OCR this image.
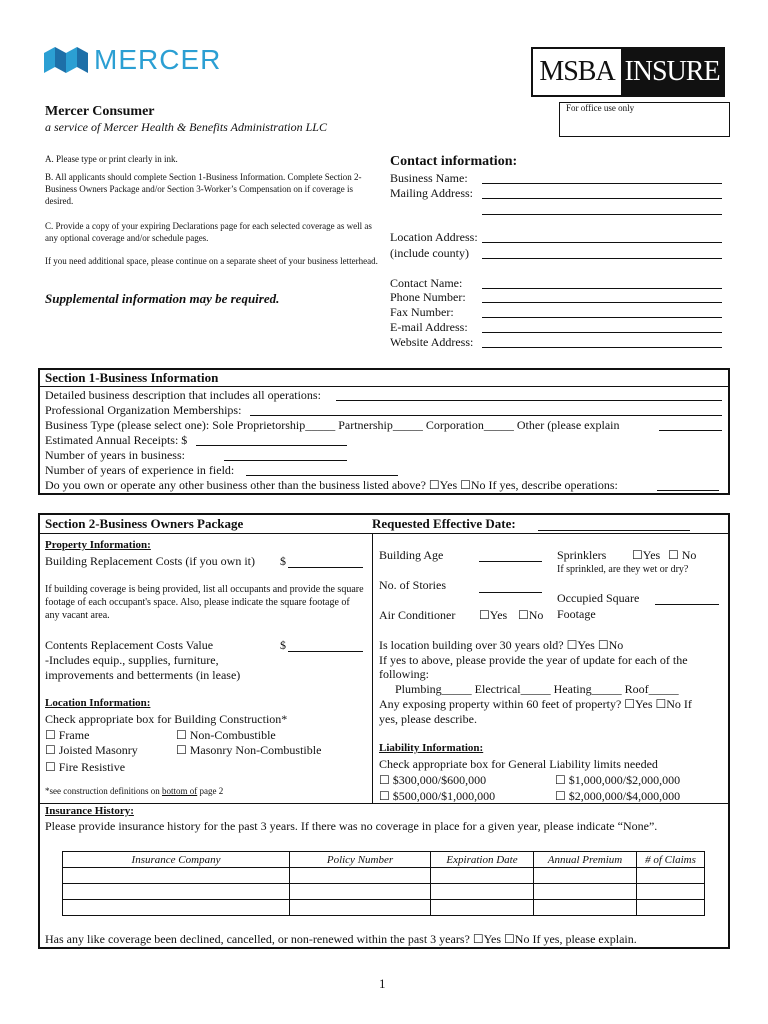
MERCER	MSBA INSURE
For office use only
Mercer Consumer
a service of Mercer Health & Benefits Administration LLC
A. Please type or print clearly in ink.
B. All applicants should complete Section 1-Business Information. Complete Section 2-Business Owners Package and/or Section 3-Worker’s Compensation on if coverage is desired.
C. Provide a copy of your expiring Declarations page for each selected coverage as well as any optional coverage and/or schedule pages.
If you need additional space, please continue on a separate sheet of your business letterhead.
Supplemental information may be required.
Contact information:
Business Name:
Mailing Address:
Location Address:
(include county)
Contact Name:
Phone Number:
Fax Number:
E-mail Address:
Website Address:
Section 1-Business Information
Detailed business description that includes all operations:
Professional Organization Memberships:
Business Type (please select one): Sole Proprietorship_____ Partnership_____ Corporation_____ Other (please explain
Estimated Annual Receipts: $
Number of years in business:
Number of years of experience in field:
Do you own or operate any other business other than the business listed above? ☐Yes ☐No If yes, describe operations:
Section 2-Business Owners Package	Requested Effective Date:
Property Information:
Building Replacement Costs (if you own it) $
If building coverage is being provided, list all occupants and provide the square footage of each occupant's space. Also, please indicate the square footage of any vacant area.
Contents Replacement Costs Value	$
-Includes equip., supplies, furniture,
improvements and betterments (in lease)
Location Information:
Check appropriate box for Building Construction*
☐ Frame	☐ Non-Combustible
☐ Joisted Masonry	☐ Masonry Non-Combustible
☐ Fire Resistive
*see construction definitions on bottom of page 2
Building Age	Sprinklers ☐Yes ☐ No
If sprinkled, are they wet or dry?
No. of Stories
Occupied Square
Footage
Air Conditioner ☐Yes ☐No
Is location building over 30 years old? ☐Yes ☐No
If yes to above, please provide the year of update for each of the
following:
Plumbing_____ Electrical_____ Heating_____ Roof_____
Any exposing property within 60 feet of property? ☐Yes ☐No If
yes, please describe.
Liability Information:
Check appropriate box for General Liability limits needed
☐ $300,000/$600,000	☐ $1,000,000/$2,000,000
☐ $500,000/$1,000,000	☐ $2,000,000/$4,000,000
Insurance History:
Please provide insurance history for the past 3 years. If there was no coverage in place for a given year, please indicate “None”.
Insurance Company	Policy Number	Expiration Date	Annual Premium	# of Claims

Has any like coverage been declined, cancelled, or non-renewed within the past 3 years? ☐Yes ☐No If yes, please explain.
1
